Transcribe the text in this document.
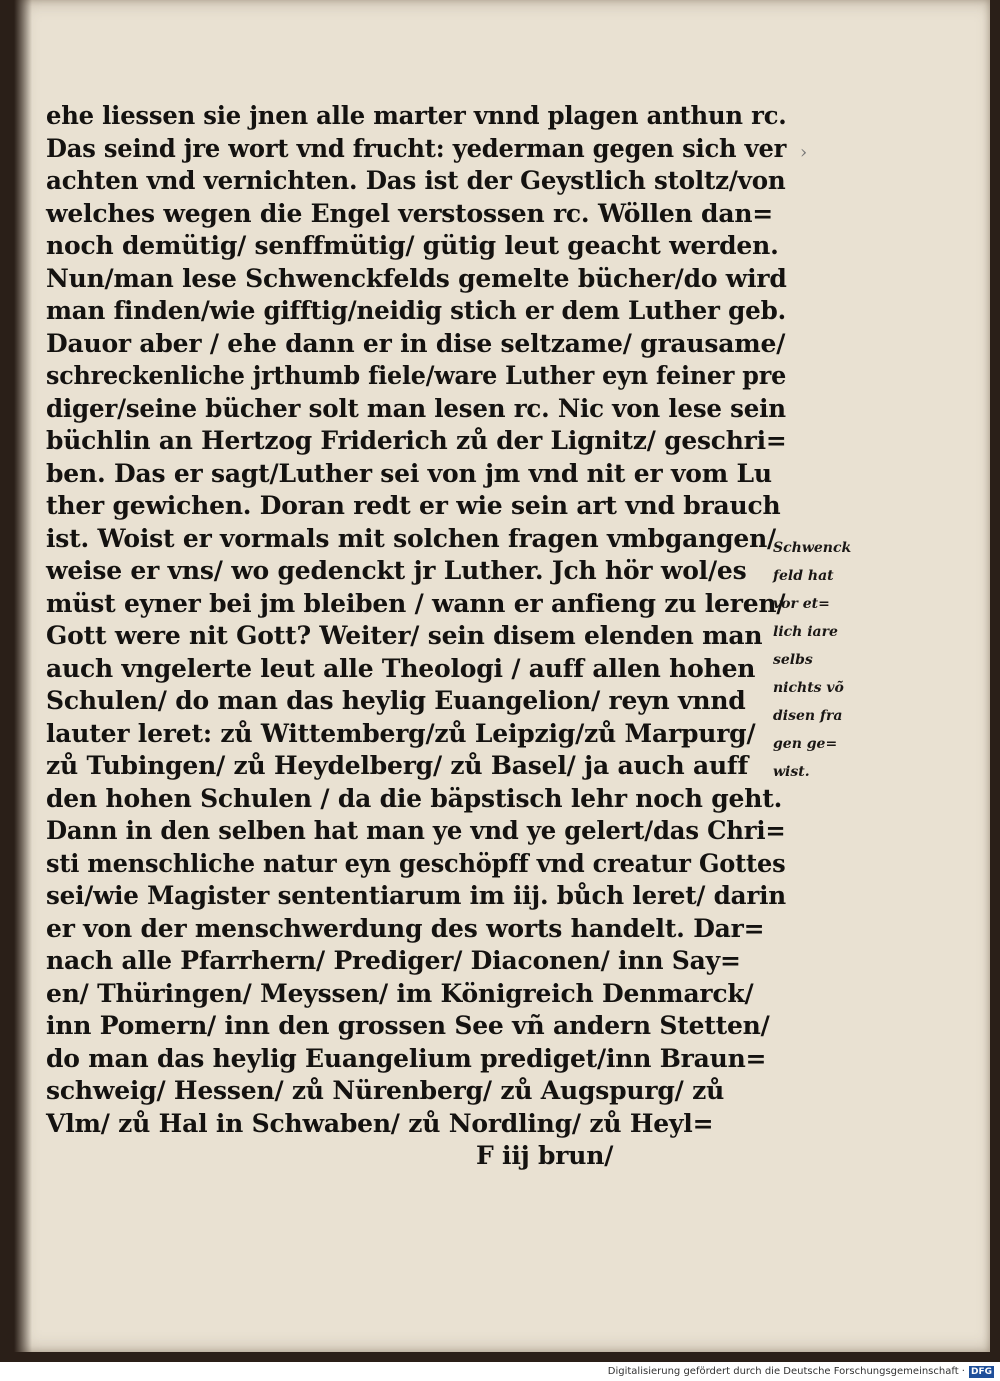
›
ehe liessen sie jnen alle marter vnnd plagen anthun rc.
Das seind jre wort vnd frucht: yederman gegen sich ver
achten vnd vernichten. Das ist der Geystlich stoltz/von
welches wegen die Engel verstossen rc. Wöllen dan=
noch demütig/ senffmütig/ gütig leut geacht werden.
Nun/man lese Schwenckfelds gemelte bücher/do wird
man finden/wie gifftig/neidig stich er dem Luther geb.
Dauor aber / ehe dann er in dise seltzame/ grausame/
schreckenliche jrthumb fiele/ware Luther eyn feiner pre
diger/seine bücher solt man lesen rc. Nic von lese sein
büchlin an Hertzog Friderich zů der Lignitz/ geschri=
ben. Das er sagt/Luther sei von jm vnd nit er vom Lu
ther gewichen. Doran redt er wie sein art vnd brauch
ist. Woist er vormals mit solchen fragen vmbgangen/
weise er vns/ wo gedenckt jr Luther. Jch hör wol/es
müst eyner bei jm bleiben / wann er anfieng zu leren/
Gott were nit Gott? Weiter/ sein disem elenden man
auch vngelerte leut alle Theologi / auff allen hohen
Schulen/ do man das heylig Euangelion/ reyn vnnd
lauter leret: zů Wittemberg/zů Leipzig/zů Marpurg/
zů Tubingen/ zů Heydelberg/ zů Basel/ ja auch auff
den hohen Schulen / da die bäpstisch lehr noch geht.
Dann in den selben hat man ye vnd ye gelert/das Chri=
sti menschliche natur eyn geschöpff vnd creatur Gottes
sei/wie Magister sententiarum im iij. bůch leret/ darin
er von der menschwerdung des worts handelt. Dar=
nach alle Pfarrhern/ Prediger/ Diaconen/ inn Say=
en/ Thüringen/ Meyssen/ im Königreich Denmarck/
inn Pomern/ inn den grossen See vñ andern Stetten/
do man das heylig Euangelium prediget/inn Braun=
schweig/ Hessen/ zů Nürenberg/ zů Augspurg/ zů
Vlm/ zů Hal in Schwaben/ zů Nordling/ zů Heyl=
F iij brun/
Schwenck
feld hat
vor et=
lich iare
selbs
nichts võ
disen fra
gen ge=
wist.
Digitalisierung gefördert durch die Deutsche Forschungsgemeinschaft · DFG
